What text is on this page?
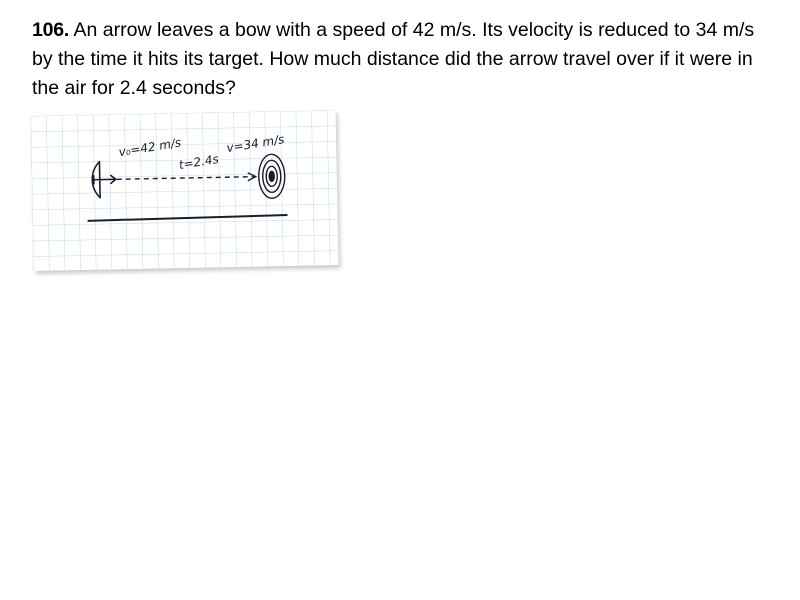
106. An arrow leaves a bow with a speed of 42 m/s. Its velocity is reduced to 34 m/s by the time it hits its target. How much distance did the arrow travel over if it were in the air for 2.4 seconds?
v₀=42 m/s
t=2.4s
v=34 m/s
